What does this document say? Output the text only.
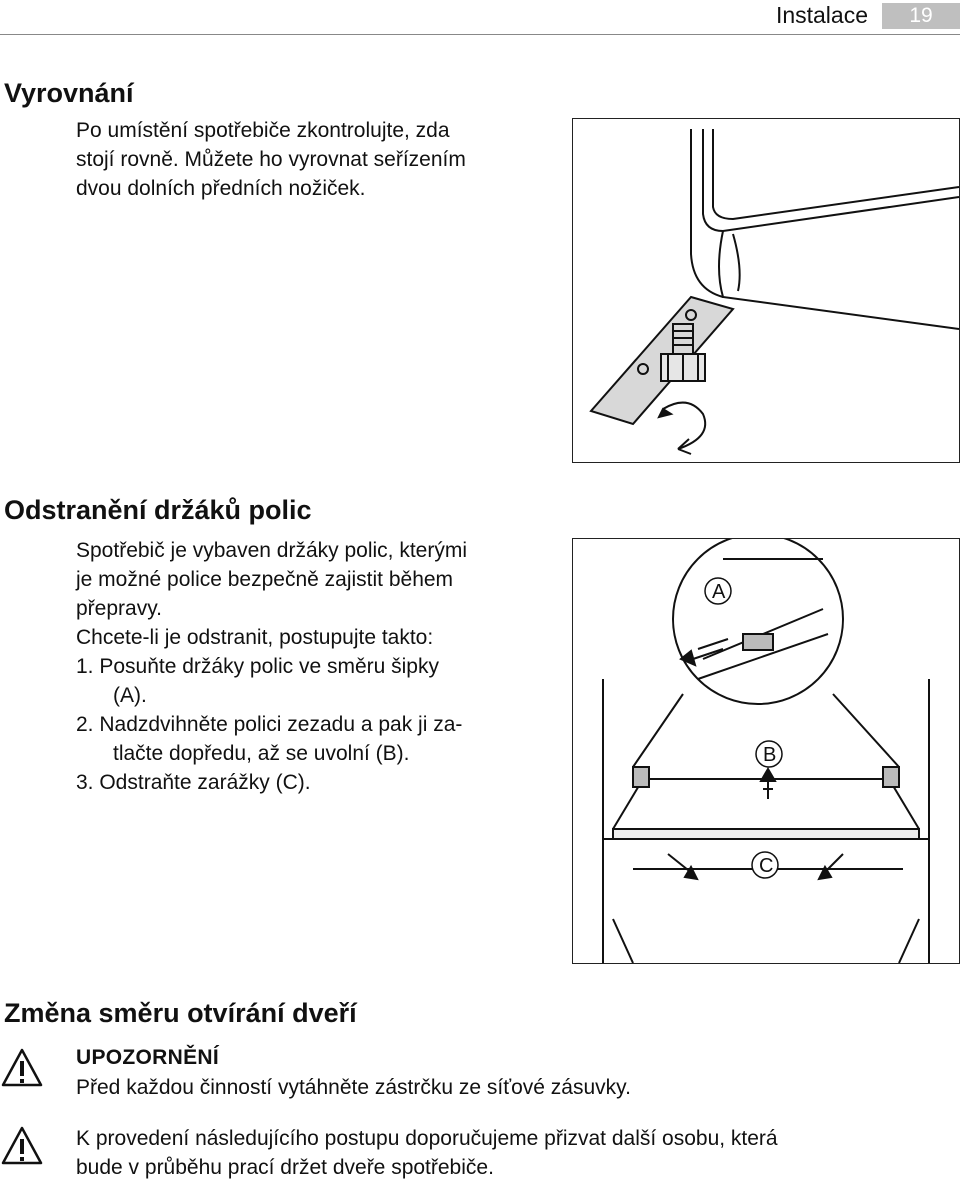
Instalace	19
Vyrovnání
Po umístění spotřebiče zkontrolujte, zda
stojí rovně. Můžete ho vyrovnat seřízením
dvou dolních předních nožiček.
Odstranění držáků polic
Spotřebič je vybaven držáky polic, kterými
je možné police bezpečně zajistit během
přepravy.
Chcete-li je odstranit, postupujte takto:
1. Posuňte držáky polic ve směru šipky
(A).
2. Nadzdvihněte polici zezadu a pak ji za-
tlačte dopředu, až se uvolní (B).
3. Odstraňte zarážky (C).
A
B
C
Změna směru otvírání dveří
UPOZORNĚNÍ
Před každou činností vytáhněte zástrčku ze síťové zásuvky.
K provedení následujícího postupu doporučujeme přizvat další osobu, která
bude v průběhu prací držet dveře spotřebiče.
